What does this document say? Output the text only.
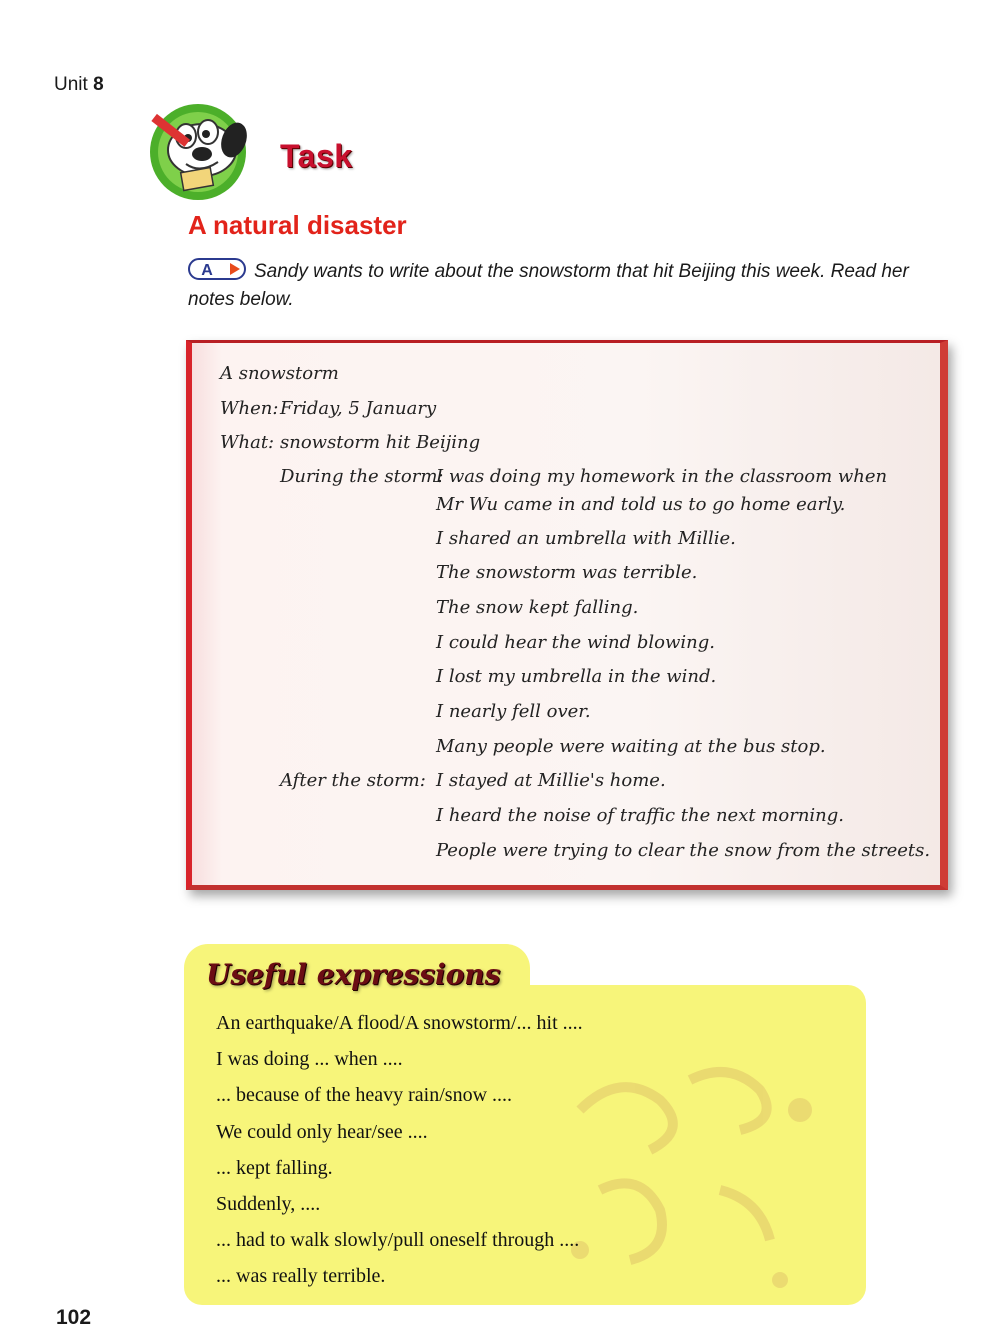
Unit 8
Task
A natural disaster
A Sandy wants to write about the snowstorm that hit Beijing this week. Read her notes below.
A snowstorm
When: Friday, 5 January
What: snowstorm hit Beijing
During the storm:
I was doing my homework in the classroom when
Mr Wu came in and told us to go home early.
I shared an umbrella with Millie.
The snowstorm was terrible.
The snow kept falling.
I could hear the wind blowing.
I lost my umbrella in the wind.
I nearly fell over.
Many people were waiting at the bus stop.
After the storm: I stayed at Millie's home.
I heard the noise of traffic the next morning.
People were trying to clear the snow from the streets.
Useful expressions
An earthquake/A flood/A snowstorm/... hit ....
I was doing ... when ....
... because of the heavy rain/snow ....
We could only hear/see ....
... kept falling.
Suddenly, ....
... had to walk slowly/pull oneself through ....
... was really terrible.
102
